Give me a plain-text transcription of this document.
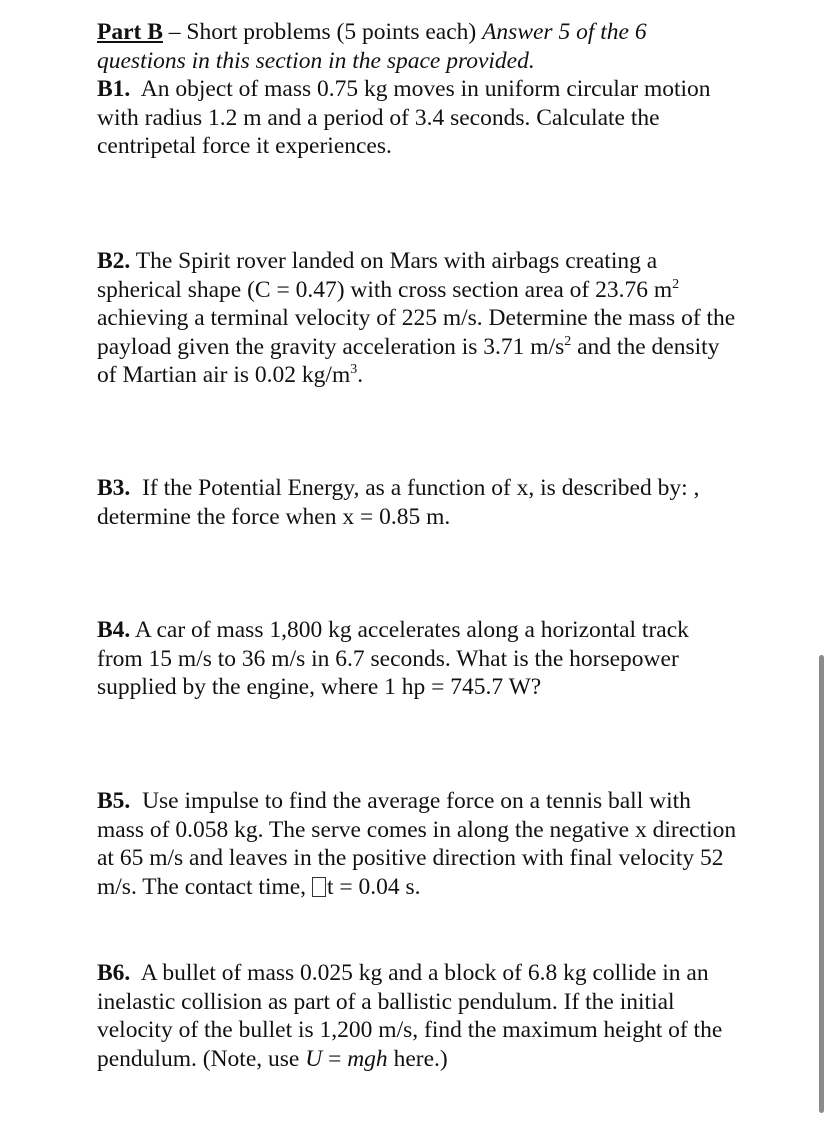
Part B – Short problems (5 points each) Answer 5 of the 6 questions in this section in the space provided.

B1. An object of mass 0.75 kg moves in uniform circular motion with radius 1.2 m and a period of 3.4 seconds. Calculate the centripetal force it experiences.

B2. The Spirit rover landed on Mars with airbags creating a spherical shape (C = 0.47) with cross section area of 23.76 $m^2$ achieving a terminal velocity of 225 m/s. Determine the mass of the payload given the gravity acceleration is 3.71 $m/s^2$ and the density of Martian air is 0.02 $kg/m^3$.

B3. If the Potential Energy, as a function of x, is described by: , determine the force when x = 0.85 m.

B4. A car of mass 1,800 kg accelerates along a horizontal track from 15 m/s to 36 m/s in 6.7 seconds. What is the horsepower supplied by the engine, where 1 hp = 745.7 W?

B5. Use impulse to find the average force on a tennis ball with mass of 0.058 kg. The serve comes in along the negative x direction at 65 m/s and leaves in the positive direction with final velocity 52 m/s. The contact time, t = 0.04 s.

B6. A bullet of mass 0.025 kg and a block of 6.8 kg collide in an inelastic collision as part of a ballistic pendulum. If the initial velocity of the bullet is 1,200 m/s, find the maximum height of the pendulum. (Note, use U = mgh here.)
